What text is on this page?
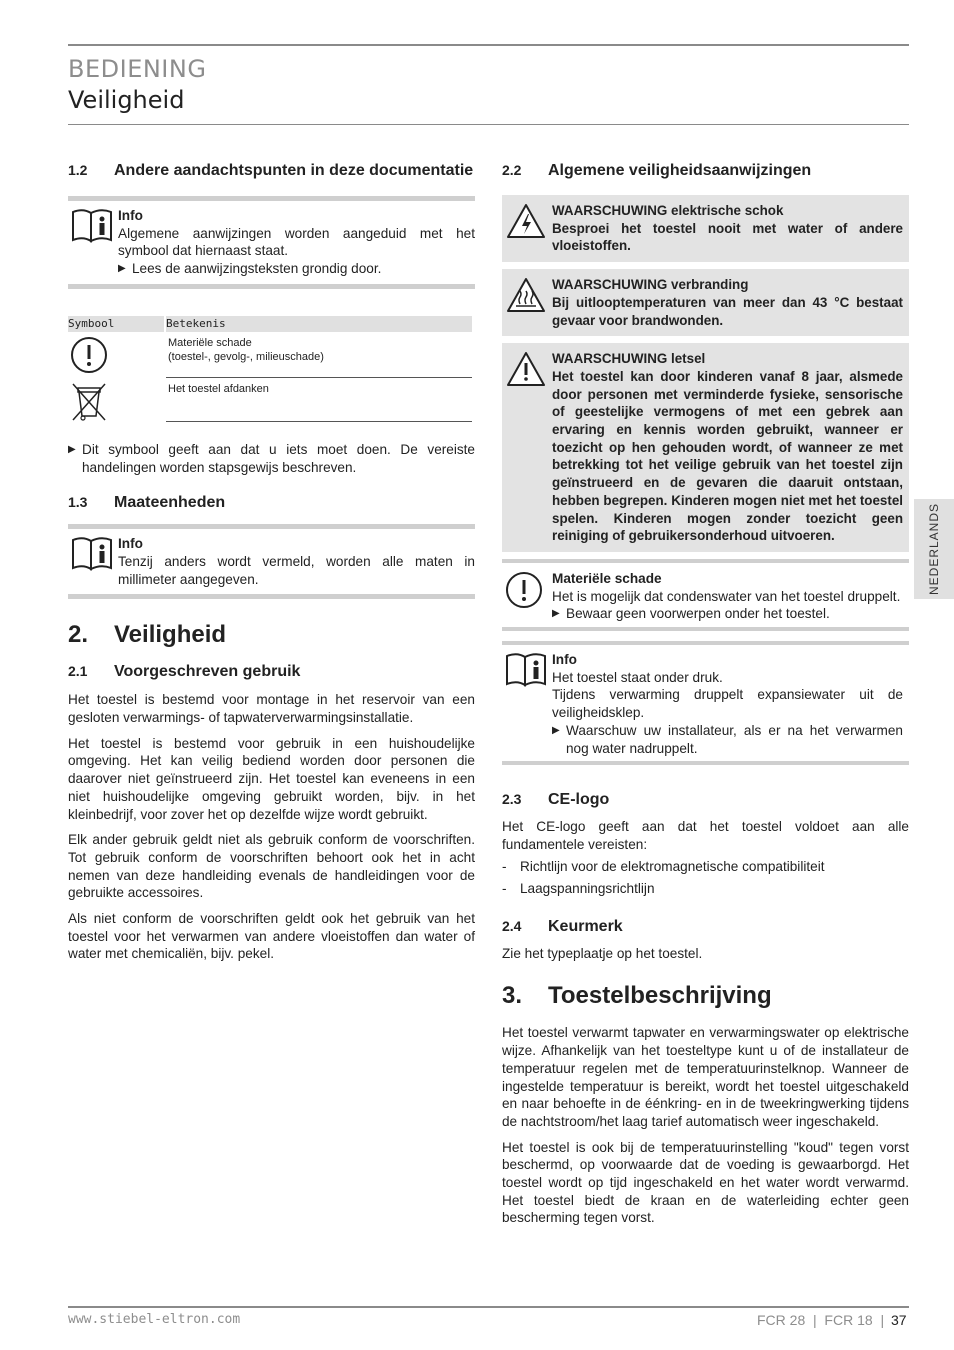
BEDIENING
Veiligheid
1.2 Andere aandachtspunten in deze documentatie
Info
Algemene aanwijzingen worden aangeduid met het symbool dat hiernaast staat.
▶ Lees de aanwijzingsteksten grondig door.
Symbool	Betekenis
Materiële schade
(toestel-, gevolg-, milieuschade)
Het toestel afdanken
▶ Dit symbool geeft aan dat u iets moet doen. De vereiste handelingen worden stapsgewijs beschreven.
1.3 Maateenheden
Info
Tenzij anders wordt vermeld, worden alle maten in millimeter aangegeven.
2. Veiligheid
2.1 Voorgeschreven gebruik

Het toestel is bestemd voor montage in het reservoir van een gesloten verwarmings- of tapwaterverwarmingsinstallatie.

Het toestel is bestemd voor gebruik in een huishoudelijke omgeving. Het kan veilig bediend worden door personen die daarover niet geïnstrueerd zijn. Het toestel kan eveneens in een niet huishoudelijke omgeving gebruikt worden, bijv. in het kleinbedrijf, voor zover het op dezelfde wijze wordt gebruikt.

Elk ander gebruik geldt niet als gebruik conform de voorschriften. Tot gebruik conform de voorschriften behoort ook het in acht nemen van deze handleiding evenals de handleidingen voor de gebruikte accessoires.

Als niet conform de voorschriften geldt ook het gebruik van het toestel voor het verwarmen van andere vloeistoffen dan water of water met chemicaliën, bijv. pekel.

2.2 Algemene veiligheidsaanwijzingen
WAARSCHUWING elektrische schok
Besproei het toestel nooit met water of andere vloeistoffen.
WAARSCHUWING verbranding
Bij uitlooptemperaturen van meer dan 43 °C bestaat gevaar voor brandwonden.
WAARSCHUWING letsel
Het toestel kan door kinderen vanaf 8 jaar, alsmede door personen met verminderde fysieke, sensorische of geestelijke vermogens of met een gebrek aan ervaring en kennis worden gebruikt, wanneer er toezicht op hen gehouden wordt, of wanneer ze met betrekking tot het veilige gebruik van het toestel zijn geïnstrueerd en de gevaren die daaruit ontstaan, hebben begrepen. Kinderen mogen niet met het toestel spelen. Kinderen mogen zonder toezicht geen reiniging of gebruikersonderhoud uitvoeren.
Materiële schade
Het is mogelijk dat condenswater van het toestel druppelt.
▶ Bewaar geen voorwerpen onder het toestel.
Info
Het toestel staat onder druk.
Tijdens verwarming druppelt expansiewater uit de veiligheidsklep.
▶ Waarschuw uw installateur, als er na het verwarmen nog water nadruppelt.
2.3 CE-logo

Het CE-logo geeft aan dat het toestel voldoet aan alle fundamentele vereisten:

- Richtlijn voor de elektromagnetische compatibiliteit
- Laagspanningsrichtlijn
2.4 Keurmerk

Zie het typeplaatje op het toestel.

3. Toestelbeschrijving

Het toestel verwarmt tapwater en verwarmingswater op elektrische wijze. Afhankelijk van het toesteltype kunt u of de installateur de temperatuur regelen met de temperatuurinstelknop. Wanneer de ingestelde temperatuur is bereikt, wordt het toestel uitgeschakeld en naar behoefte in de éénkring- en in de tweekringwerking tijdens de nachtstroom/het laag tarief automatisch weer ingeschakeld.

Het toestel is ook bij de temperatuurinstelling "koud" tegen vorst beschermd, op voorwaarde dat de voeding is gewaarborgd. Het toestel wordt op tijd ingeschakeld en het water wordt verwarmd. Het toestel biedt de kraan en de waterleiding echter geen bescherming tegen vorst.

NEDERLANDS
www.stiebel-eltron.com	FCR 28  |  FCR 18  | 37
